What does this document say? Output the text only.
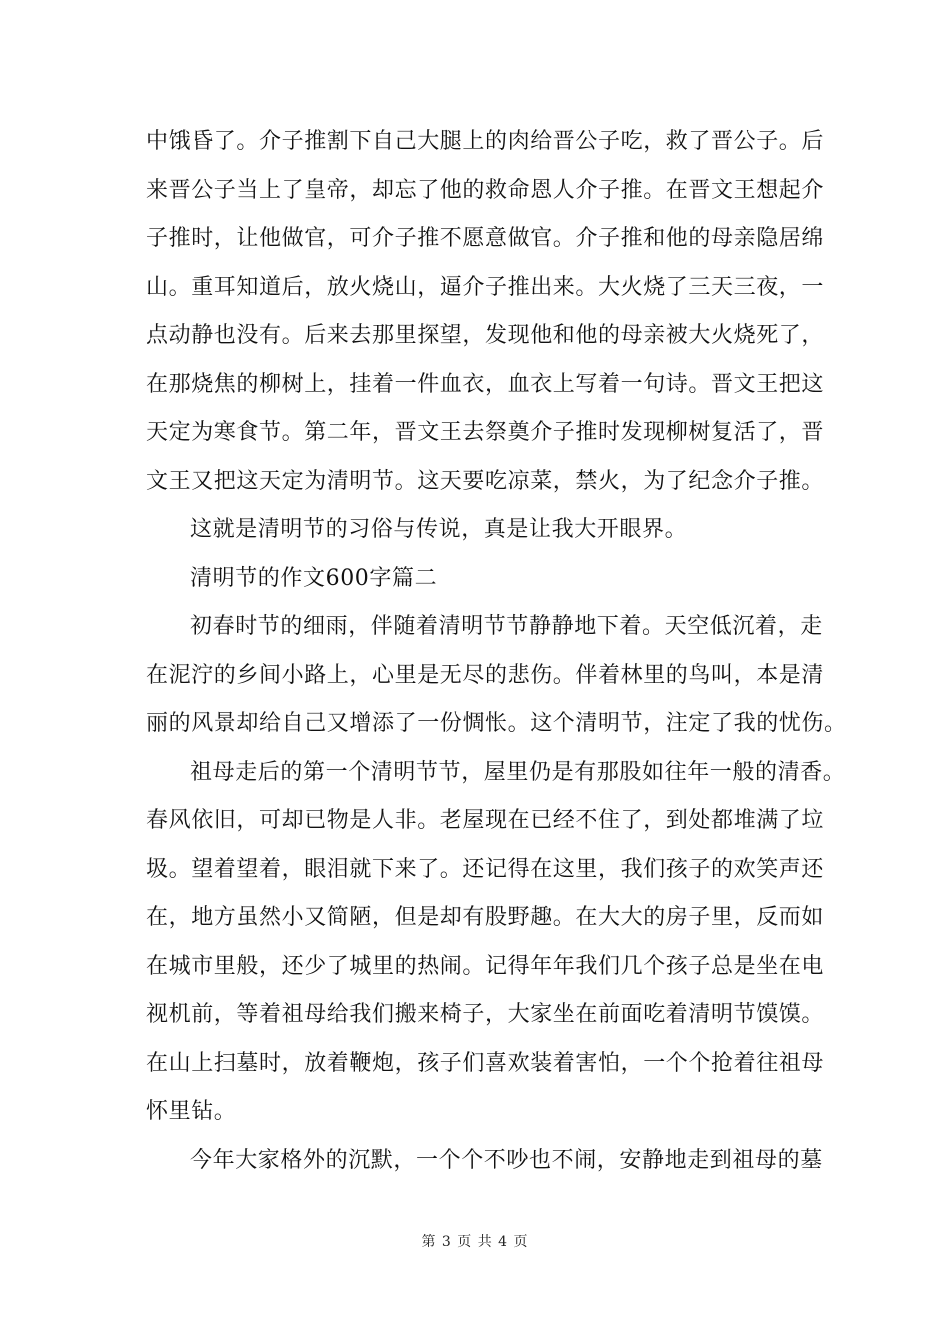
中饿昏了。介子推割下自己大腿上的肉给晋公子吃，救了晋公子。后
来晋公子当上了皇帝，却忘了他的救命恩人介子推。在晋文王想起介
子推时，让他做官，可介子推不愿意做官。介子推和他的母亲隐居绵
山。重耳知道后，放火烧山，逼介子推出来。大火烧了三天三夜，一
点动静也没有。后来去那里探望，发现他和他的母亲被大火烧死了，
在那烧焦的柳树上，挂着一件血衣，血衣上写着一句诗。晋文王把这
天定为寒食节。第二年，晋文王去祭奠介子推时发现柳树复活了，晋
文王又把这天定为清明节。这天要吃凉菜，禁火，为了纪念介子推。
这就是清明节的习俗与传说，真是让我大开眼界。
清明节的作文600字篇二
初春时节的细雨，伴随着清明节节静静地下着。天空低沉着，走
在泥泞的乡间小路上，心里是无尽的悲伤。伴着林里的鸟叫，本是清
丽的风景却给自己又增添了一份惆怅。这个清明节，注定了我的忧伤。
祖母走后的第一个清明节节，屋里仍是有那股如往年一般的清香。
春风依旧，可却已物是人非。老屋现在已经不住了，到处都堆满了垃
圾。望着望着，眼泪就下来了。还记得在这里，我们孩子的欢笑声还
在，地方虽然小又简陋，但是却有股野趣。在大大的房子里，反而如
在城市里般，还少了城里的热闹。记得年年我们几个孩子总是坐在电
视机前，等着祖母给我们搬来椅子，大家坐在前面吃着清明节馍馍。
在山上扫墓时，放着鞭炮，孩子们喜欢装着害怕，一个个抢着往祖母
怀里钻。
今年大家格外的沉默，一个个不吵也不闹，安静地走到祖母的墓
第 3 页 共 4 页
